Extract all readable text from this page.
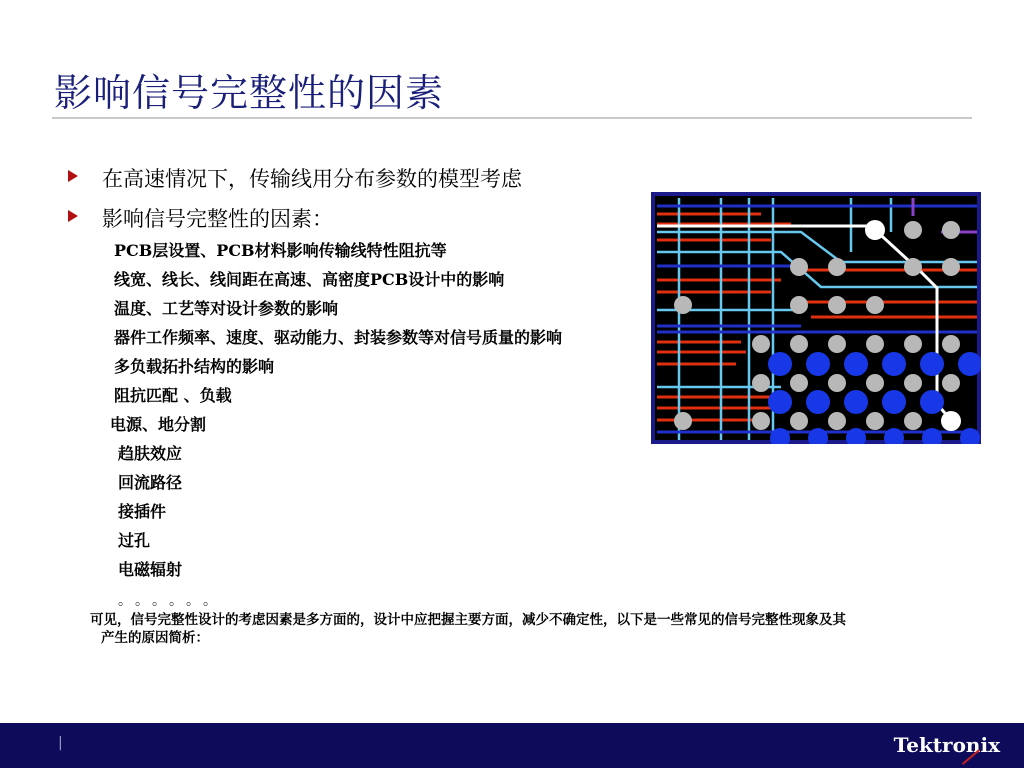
影响信号完整性的因素
在高速情况下，传输线用分布参数的模型考虑
影响信号完整性的因素：
PCB层设置、PCB材料影响传输线特性阻抗等
线宽、线长、线间距在高速、高密度PCB设计中的影响
温度、工艺等对设计参数的影响
器件工作频率、速度、驱动能力、封装参数等对信号质量的影响
多负载拓扑结构的影响
阻抗匹配 、负载
电源、地分割
趋肤效应
回流路径
接插件
过孔
电磁辐射
。。。。。。
可见，信号完整性设计的考虑因素是多方面的，设计中应把握主要方面，减少不确定性，以下是一些常见的信号完整性现象及其
产生的原因简析：
|	Tektronix
